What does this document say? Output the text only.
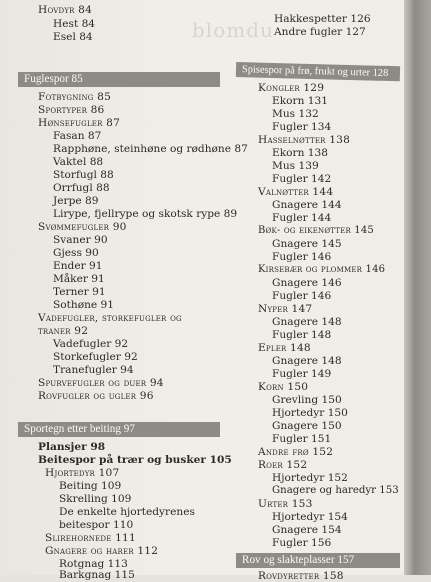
blomdu
Hovdyr 84
Hest 84
Esel 84
Fuglespor 85
Fotbygning 85
Sportyper 86
Hønsefugler 87
Fasan 87
Rapphøne, steinhøne og rødhøne 87
Vaktel 88
Storfugl 88
Orrfugl 88
Jerpe 89
Lirype, fjellrype og skotsk rype 89
Svømmefugler 90
Svaner 90
Gjess 90
Ender 91
Måker 91
Terner 91
Sothøne 91
Vadefugler, storkefugler og
traner 92
Vadefugler 92
Storkefugler 92
Tranefugler 94
Spurvefugler og duer 94
Rovfugler og ugler 96
Sportegn etter beiting 97
Plansjer 98
Beitespor på trær og busker 105
Hjortedyr 107
Beiting 109
Skrelling 109
De enkelte hjortedyrenes
beitespor 110
Slirehornede 111
Gnagere og harer 112
Rotgnag 113
Barkgnag 115
Hakkespetter 126
Andre fugler 127
Spisespor på frø, frukt og urter 128
Kongler 129
Ekorn 131
Mus 132
Fugler 134
Hasselnøtter 138
Ekorn 138
Mus 139
Fugler 142
Valnøtter 144
Gnagere 144
Fugler 144
Bøk- og eikenøtter 145
Gnagere 145
Fugler 146
Kirsebær og plommer 146
Gnagere 146
Fugler 146
Nyper 147
Gnagere 148
Fugler 148
Epler 148
Gnagere 148
Fugler 149
Korn 150
Grevling 150
Hjortedyr 150
Gnagere 150
Fugler 151
Andre frø 152
Roer 152
Hjortedyr 152
Gnagere og haredyr 153
Urter 153
Hjortedyr 154
Gnagere 154
Fugler 156
Rov og slakteplasser 157
Rovdyretter 158
